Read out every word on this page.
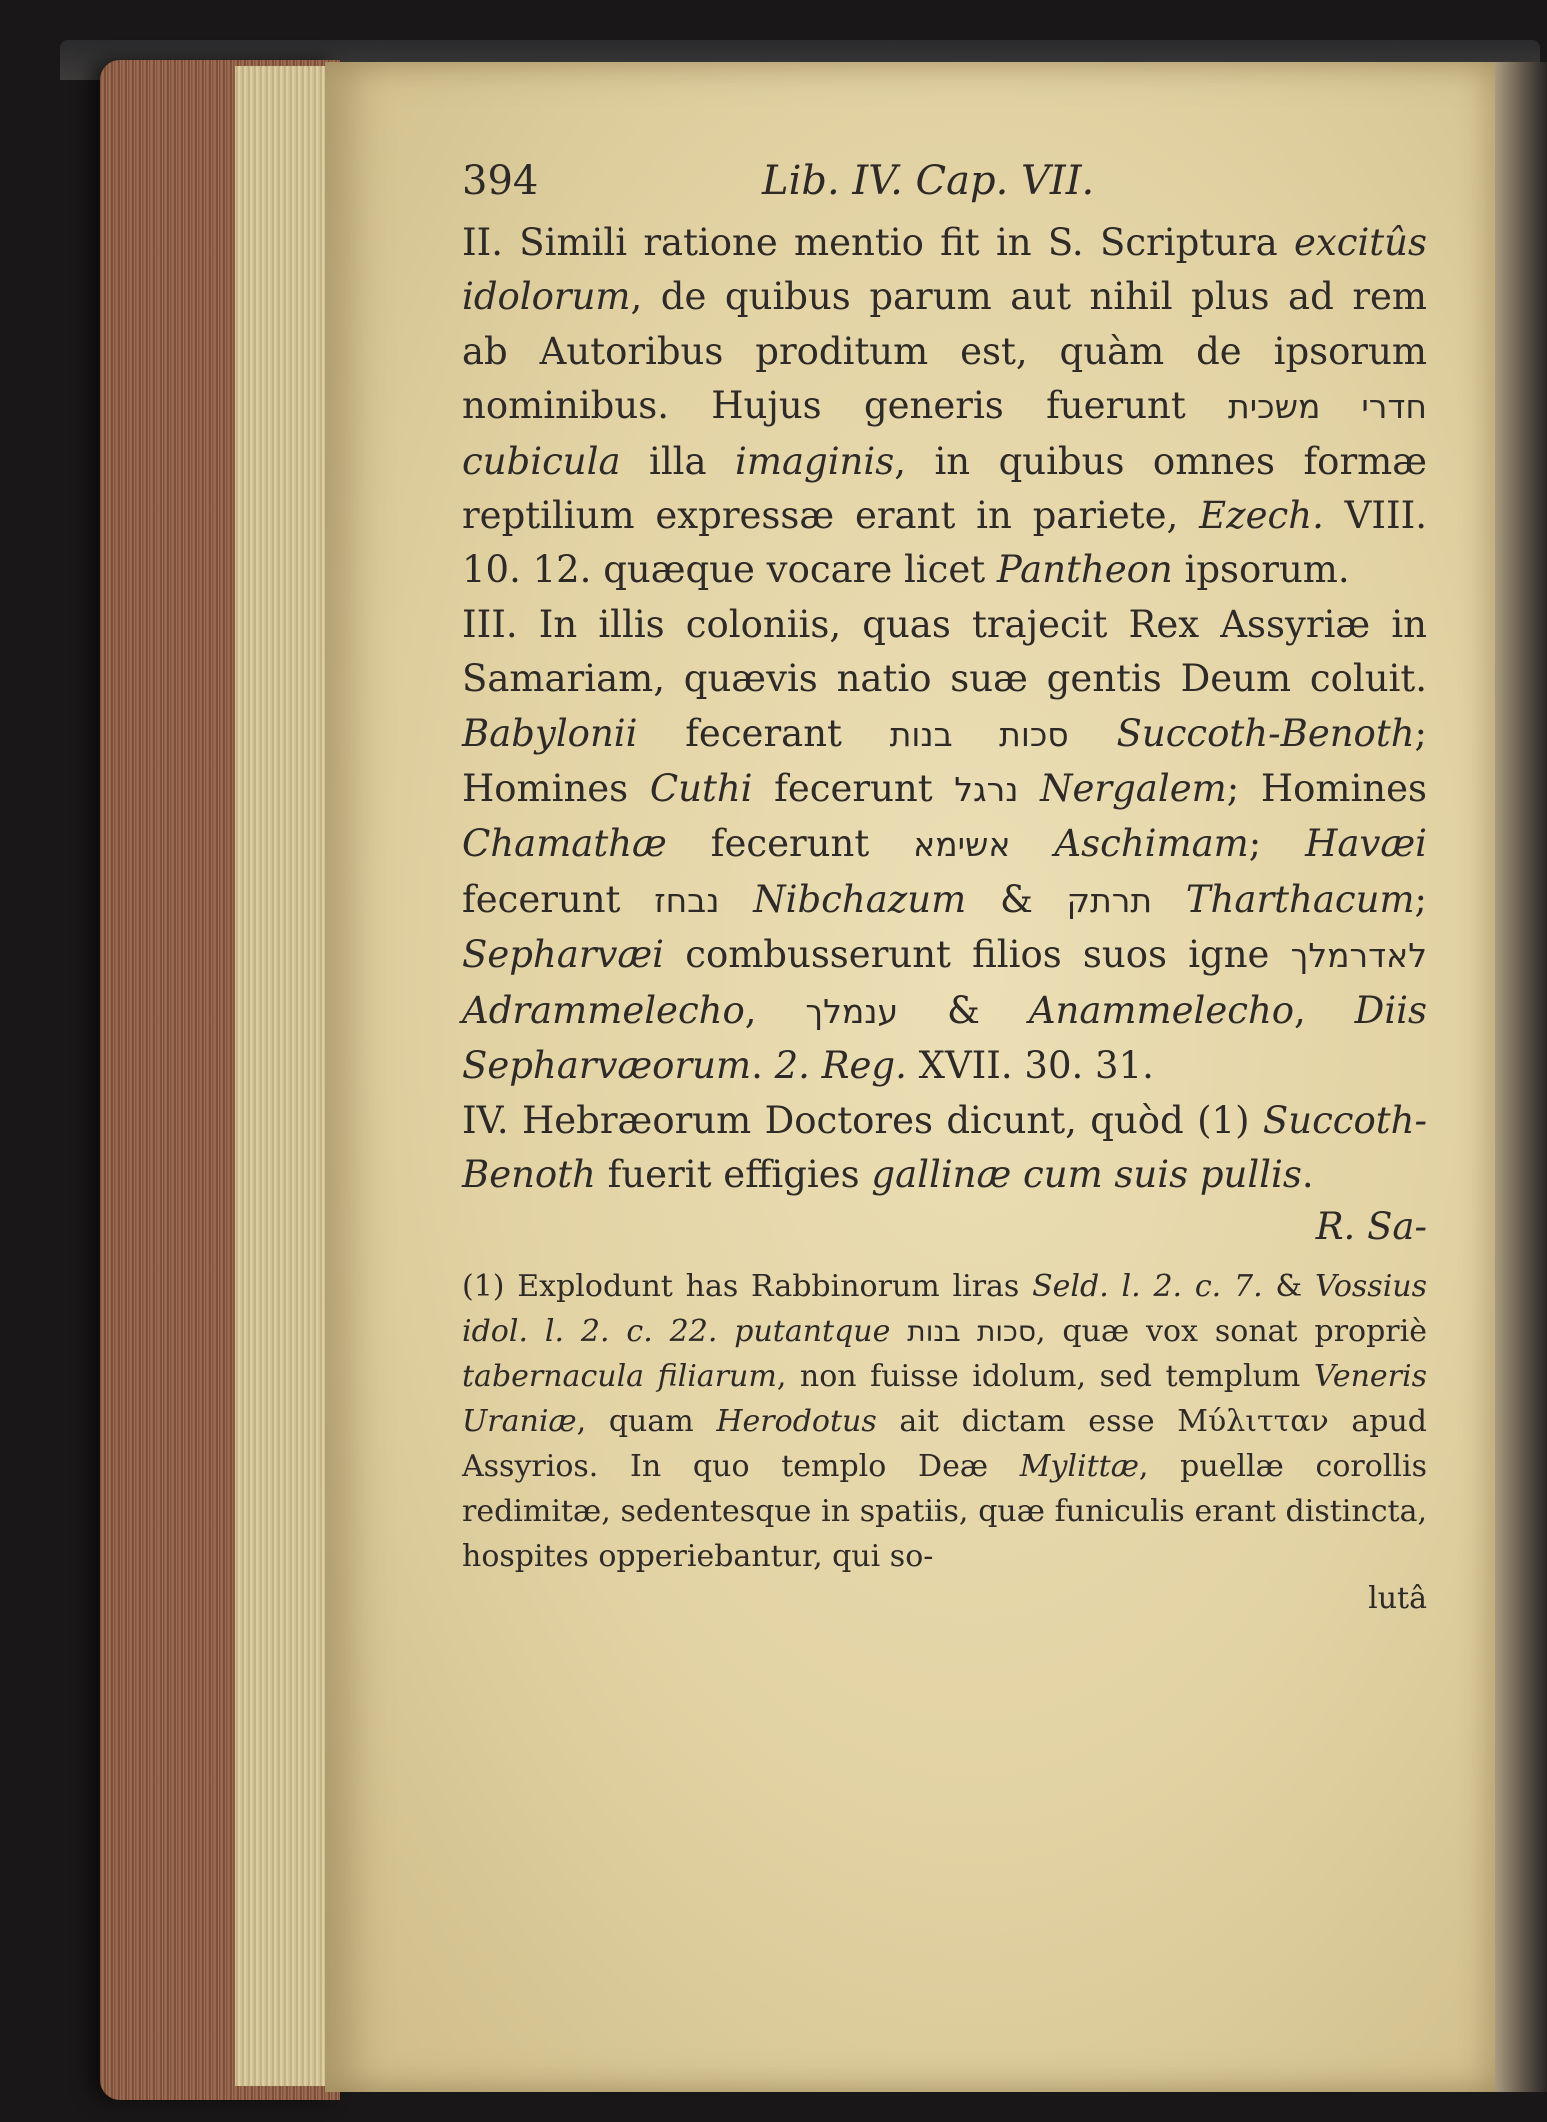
394	Lib. IV. Cap. VII.

II. Simili ratione mentio fit in S. Scriptura excitûs idolorum, de quibus parum aut nihil plus ad rem ab Autoribus proditum est, quàm de ipsorum nominibus. Hujus generis fuerunt חדרי משכית cubicula illa imaginis, in quibus omnes formæ reptilium expressæ erant in pariete, Ezech. VIII. 10. 12. quæque vocare licet Pantheon ipsorum.

III. In illis coloniis, quas trajecit Rex Assyriæ in Samariam, quævis natio suæ gentis Deum coluit. Babylonii fecerant סכות בנות Succoth-Benoth; Homines Cuthi fecerunt נרגל Nergalem; Homines Chamathæ fecerunt אשימא Aschimam; Havæi fecerunt נבחז Nibchazum & תרתק Tharthacum; Sepharvæi combusserunt filios suos igne לאדרמלך Adrammelecho, ענמלך & Anammelecho, Diis Sepharvæorum. 2. Reg. XVII. 30. 31.

IV. Hebræorum Doctores dicunt, quòd (1) Succoth-Benoth fuerit effigies gallinæ cum suis pullis.

R. Sa-

(1) Explodunt has Rabbinorum liras Seld. l. 2. c. 7. & Vossius idol. l. 2. c. 22. putantque סכות בנות, quæ vox sonat propriè tabernacula filiarum, non fuisse idolum, sed templum Veneris Uraniæ, quam Herodotus ait dictam esse Μύλιτταν apud Assyrios. In quo templo Deæ Mylittæ, puellæ corollis redimitæ, sedentesque in spatiis, quæ funiculis erant distincta, hospites opperiebantur, qui so-

lutâ
